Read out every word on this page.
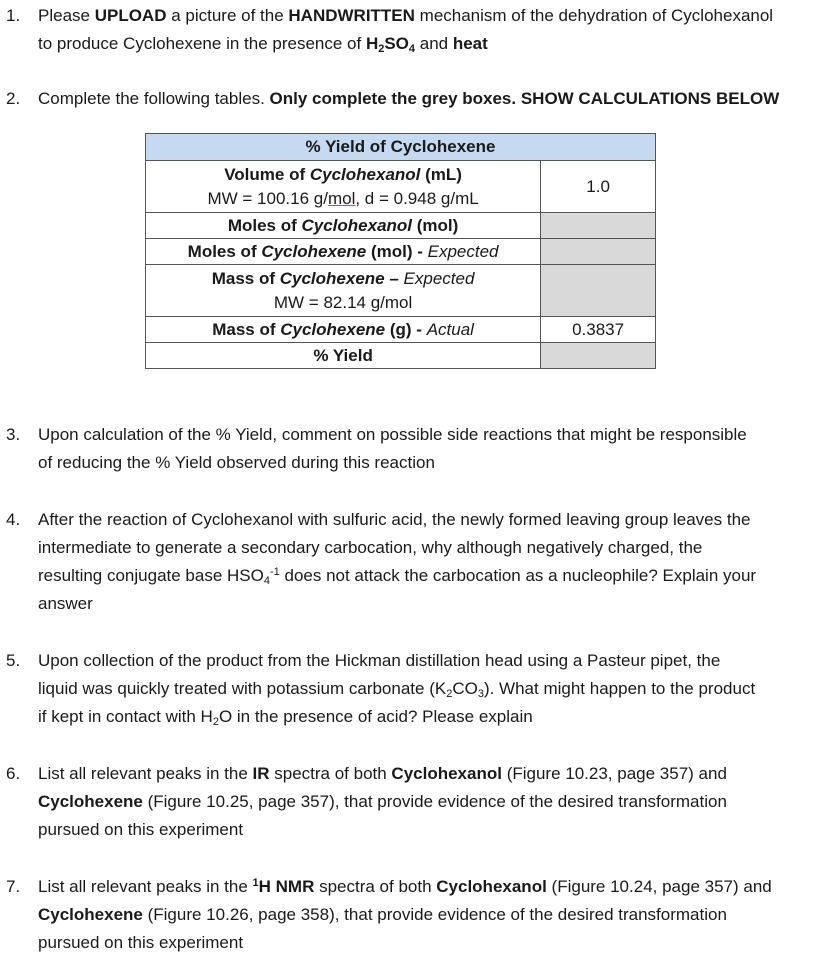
1. Please UPLOAD a picture of the HANDWRITTEN mechanism of the dehydration of Cyclohexanol
to produce Cyclohexene in the presence of $H_2SO_4$ and heat
2. Complete the following tables. Only complete the grey boxes. SHOW CALCULATIONS BELOW
% Yield of Cyclohexene	

Volume of Cyclohexanol (mL)
MW = 100.16 g/mol, d = 0.948 g/mL	1.0
Moles of Cyclohexanol (mol)	
Moles of Cyclohexene (mol) - Expected	

Mass of Cyclohexene – Expected
MW = 82.14 g/mol	

Mass of Cyclohexene (g) - Actual	0.3837
% Yield	
3. Upon calculation of the % Yield, comment on possible side reactions that might be responsible
of reducing the % Yield observed during this reaction
4. After the reaction of Cyclohexanol with sulfuric acid, the newly formed leaving group leaves the
intermediate to generate a secondary carbocation, why although negatively charged, the
resulting conjugate base $HSO_4^{-1}$ does not attack the carbocation as a nucleophile? Explain your
answer
5. Upon collection of the product from the Hickman distillation head using a Pasteur pipet, the
liquid was quickly treated with potassium carbonate $(K_2CO_3)$. What might happen to the product
if kept in contact with $H_2O$ in the presence of acid? Please explain
6. List all relevant peaks in the IR spectra of both Cyclohexanol (Figure 10.23, page 357) and
Cyclohexene (Figure 10.25, page 357), that provide evidence of the desired transformation
pursued on this experiment
7. List all relevant peaks in the $^1$H NMR spectra of both Cyclohexanol (Figure 10.24, page 357) and
Cyclohexene (Figure 10.26, page 358), that provide evidence of the desired transformation
pursued on this experiment
